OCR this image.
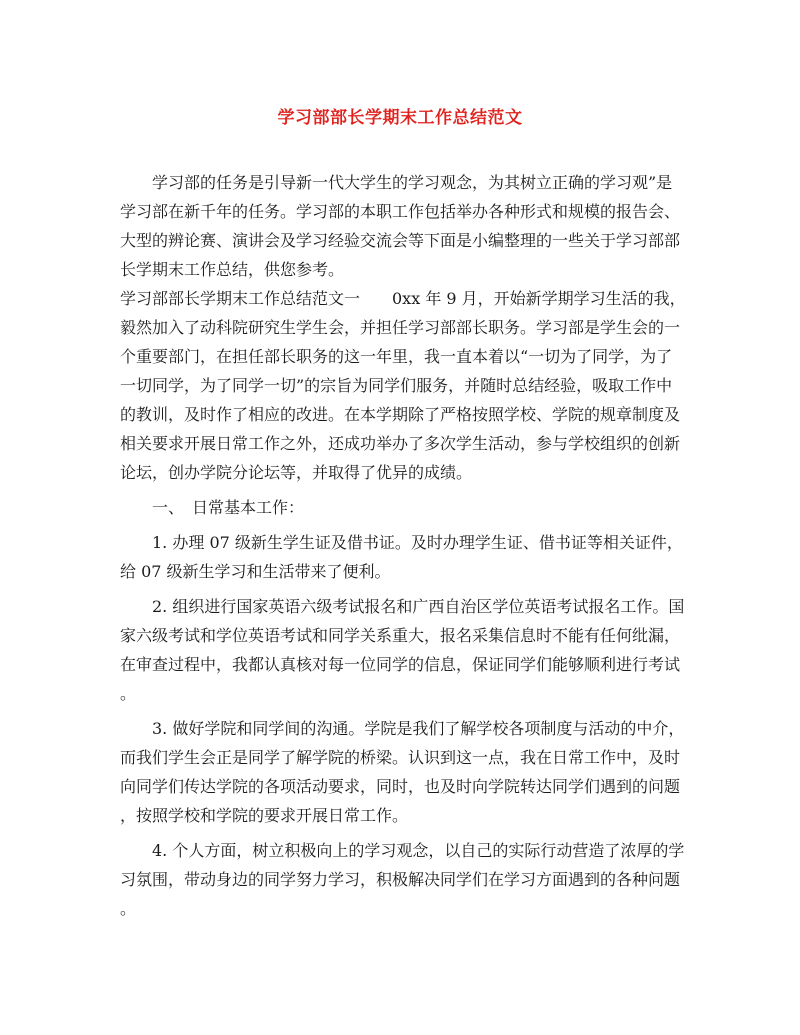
学习部部长学期末工作总结范文
学习部的任务是引导新一代大学生的学习观念，为其树立正确的学习观”是
学习部在新千年的任务。学习部的本职工作包括举办各种形式和规模的报告会、
大型的辨论赛、演讲会及学习经验交流会等下面是小编整理的一些关于学习部部
长学期末工作总结，供您参考。
学习部部长学期末工作总结范文一　　0xx 年 9 月，开始新学期学习生活的我，
毅然加入了动科院研究生学生会，并担任学习部部长职务。学习部是学生会的一
个重要部门，在担任部长职务的这一年里，我一直本着以“一切为了同学，为了
一切同学，为了同学一切”的宗旨为同学们服务，并随时总结经验，吸取工作中
的教训，及时作了相应的改进。在本学期除了严格按照学校、学院的规章制度及
相关要求开展日常工作之外，还成功举办了多次学生活动，参与学校组织的创新
论坛，创办学院分论坛等，并取得了优异的成绩。
一、　日常基本工作：
1. 办理 07 级新生学生证及借书证。及时办理学生证、借书证等相关证件，
给 07 级新生学习和生活带来了便利。
2. 组织进行国家英语六级考试报名和广西自治区学位英语考试报名工作。国
家六级考试和学位英语考试和同学关系重大，报名采集信息时不能有任何纰漏，
在审查过程中，我都认真核对每一位同学的信息，保证同学们能够顺利进行考试
。
3. 做好学院和同学间的沟通。学院是我们了解学校各项制度与活动的中介，
而我们学生会正是同学了解学院的桥梁。认识到这一点，我在日常工作中，及时
向同学们传达学院的各项活动要求，同时，也及时向学院转达同学们遇到的问题
，按照学校和学院的要求开展日常工作。
4. 个人方面，树立积极向上的学习观念，以自己的实际行动营造了浓厚的学
习氛围，带动身边的同学努力学习，积极解决同学们在学习方面遇到的各种问题
。
